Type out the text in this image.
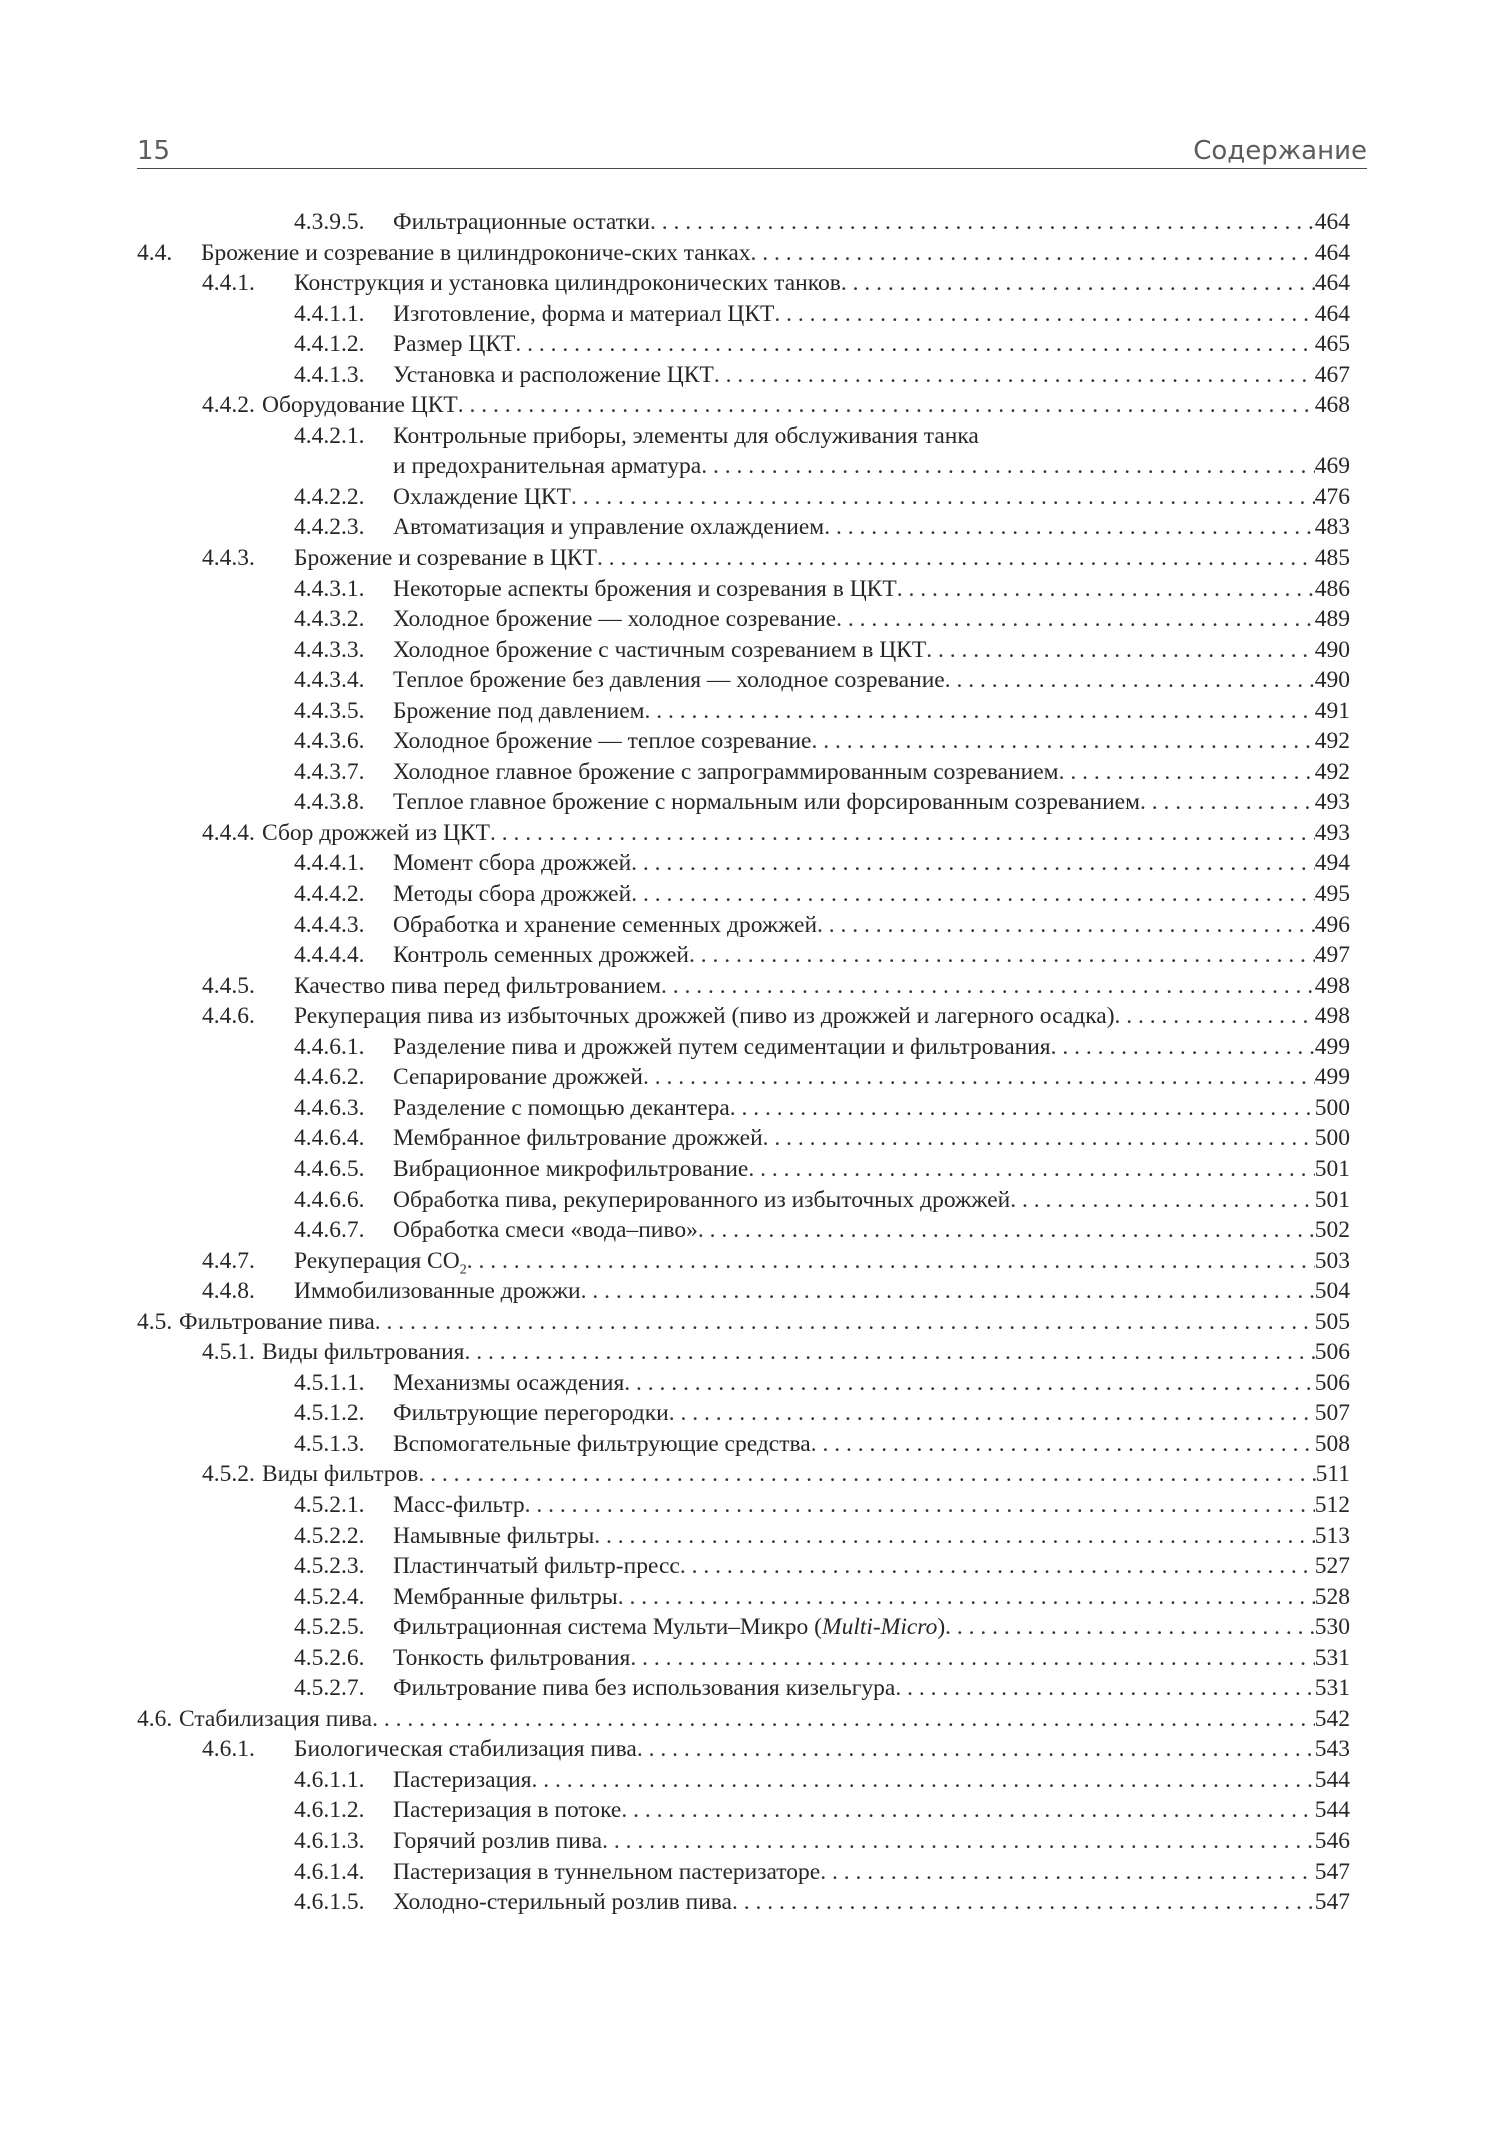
15	Содержание
4.3.9.5. Фильтрационные остатки . . .	464
4.4. Брожение и созревание в цилиндрокониче-ских танках . . .	464
4.4.1. Конструкция и установка цилиндроконических танков . . .	464
4.4.1.1. Изготовление, форма и материал ЦКТ . . .	464
4.4.1.2. Размер ЦКТ . . .	465
4.4.1.3. Установка и расположение ЦКТ . . .	467
4.4.2. Оборудование ЦКТ . . .	468
4.4.2.1. Контрольные приборы, элементы для обслуживания танка
и предохранительная арматура . . .	469
4.4.2.2. Охлаждение ЦКТ . . .	476
4.4.2.3. Автоматизация и управление охлаждением . . .	483
4.4.3. Брожение и созревание в ЦКТ . . .	485
4.4.3.1. Некоторые аспекты брожения и созревания в ЦКТ . . .	486
4.4.3.2. Холодное брожение — холодное созревание . . .	489
4.4.3.3. Холодное брожение с частичным созреванием в ЦКТ . . .	490
4.4.3.4. Теплое брожение без давления — холодное созревание . . .	490
4.4.3.5. Брожение под давлением . . .	491
4.4.3.6. Холодное брожение — теплое созревание . . .	492
4.4.3.7. Холодное главное брожение с запрограммированным созреванием . . .	492
4.4.3.8. Теплое главное брожение с нормальным или форсированным созреванием . . .	493
4.4.4. Сбор дрожжей из ЦКТ . . .	493
4.4.4.1. Момент сбора дрожжей . . .	494
4.4.4.2. Методы сбора дрожжей . . .	495
4.4.4.3. Обработка и хранение семенных дрожжей . . .	496
4.4.4.4. Контроль семенных дрожжей . . .	497
4.4.5. Качество пива перед фильтрованием . . .	498
4.4.6. Рекуперация пива из избыточных дрожжей (пиво из дрожжей и лагерного осадка) . . .	498
4.4.6.1. Разделение пива и дрожжей путем седиментации и фильтрования . . .	499
4.4.6.2. Сепарирование дрожжей . . .	499
4.4.6.3. Разделение с помощью декантера . . .	500
4.4.6.4. Мембранное фильтрование дрожжей . . .	500
4.4.6.5. Вибрационное микрофильтрование . . .	501
4.4.6.6. Обработка пива, рекуперированного из избыточных дрожжей . . .	501
4.4.6.7. Обработка смеси «вода–пиво» . . .	502
4.4.7. Рекуперация $СО_2$ . . .	503
4.4.8. Иммобилизованные дрожжи . . .	504
4.5. Фильтрование пива . . .	505
4.5.1. Виды фильтрования . . .	506
4.5.1.1. Механизмы осаждения . . .	506
4.5.1.2. Фильтрующие перегородки . . .	507
4.5.1.3. Вспомогательные фильтрующие средства . . .	508
4.5.2. Виды фильтров . . .	511
4.5.2.1. Масс-фильтр . . .	512
4.5.2.2. Намывные фильтры . . .	513
4.5.2.3. Пластинчатый фильтр-пресс . . .	527
4.5.2.4. Мембранные фильтры . . .	528
4.5.2.5. Фильтрационная система Мульти–Микро (Multi-Micro) . . .	530
4.5.2.6. Тонкость фильтрования . . .	531
4.5.2.7. Фильтрование пива без использования кизельгура . . .	531
4.6. Стабилизация пива . . .	542
4.6.1. Биологическая стабилизация пива . . .	543
4.6.1.1. Пастеризация . . .	544
4.6.1.2. Пастеризация в потоке . . .	544
4.6.1.3. Горячий розлив пива . . .	546
4.6.1.4. Пастеризация в туннельном пастеризаторе . . .	547
4.6.1.5. Холодно-стерильный розлив пива . . .	547
